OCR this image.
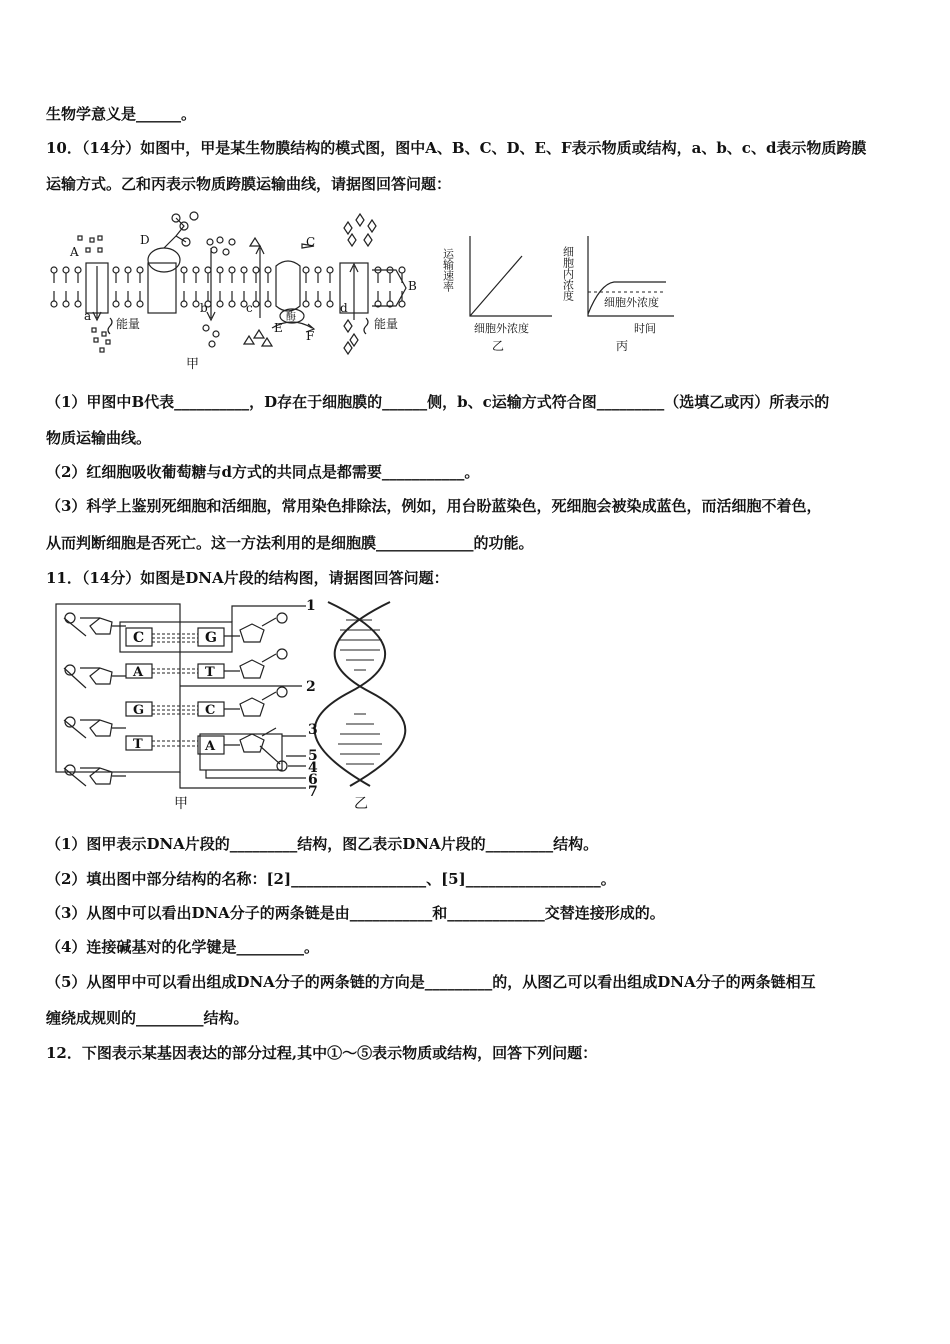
生物学意义是______。
10．（14分）如图中，甲是某生物膜结构的模式图，图中A、B、C、D、E、F表示物质或结构，a、b、c、d表示物质跨膜
运输方式。乙和丙表示物质跨膜运输曲线，请据图回答问题：
A
D	C
B
a
b	c	d
能量	能量
酶
E
F
甲
运输速率
细胞外浓度
乙
细胞内浓度
细胞外浓度
时间
丙
（1）甲图中B代表__________，D存在于细胞膜的______侧，b、c运输方式符合图_________（选填乙或丙）所表示的
物质运输曲线。
（2）红细胞吸收葡萄糖与d方式的共同点是都需要___________。
（3）科学上鉴别死细胞和活细胞，常用染色排除法，例如，用台盼蓝染色，死细胞会被染成蓝色，而活细胞不着色，
从而判断细胞是否死亡。这一方法利用的是细胞膜_____________的功能。
11．（14分）如图是DNA片段的结构图，请据图回答问题：
C	G
A	T
G	C
T	A
1
2
3
5
4
6
7
甲	乙
（1）图甲表示DNA片段的_________结构，图乙表示DNA片段的_________结构。
（2）填出图中部分结构的名称：[2]__________________、[5]__________________。
（3）从图中可以看出DNA分子的两条链是由___________和_____________交替连接形成的。
（4）连接碱基对的化学键是_________。
（5）从图甲中可以看出组成DNA分子的两条链的方向是_________的，从图乙可以看出组成DNA分子的两条链相互
缠绕成规则的_________结构。
12．下图表示某基因表达的部分过程,其中①～⑤表示物质或结构，回答下列问题：
